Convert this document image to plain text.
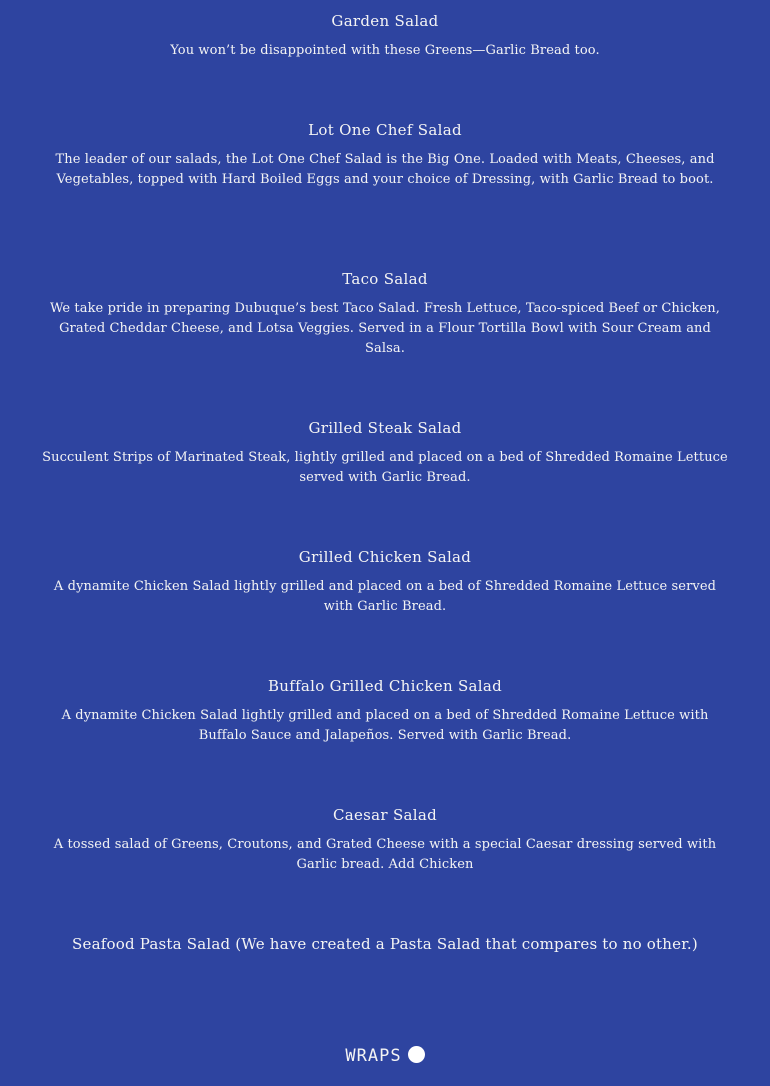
Garden Salad

You won’t be disappointed with these Greens—Garlic Bread too.

Lot One Chef Salad

The leader of our salads, the Lot One Chef Salad is the Big One. Loaded with Meats, Cheeses, and Vegetables, topped with Hard Boiled Eggs and your choice of Dressing, with Garlic Bread to boot.

Taco Salad

We take pride in preparing Dubuque’s best Taco Salad. Fresh Lettuce, Taco-spiced Beef or Chicken, Grated Cheddar Cheese, and Lotsa Veggies. Served in a Flour Tortilla Bowl with Sour Cream and Salsa.

Grilled Steak Salad

Succulent Strips of Marinated Steak, lightly grilled and placed on a bed of Shredded Romaine Lettuce served with Garlic Bread.

Grilled Chicken Salad

A dynamite Chicken Salad lightly grilled and placed on a bed of Shredded Romaine Lettuce served with Garlic Bread.

Buffalo Grilled Chicken Salad

A dynamite Chicken Salad lightly grilled and placed on a bed of Shredded Romaine Lettuce with Buffalo Sauce and Jalapeños. Served with Garlic Bread.

Caesar Salad

A tossed salad of Greens, Croutons, and Grated Cheese with a special Caesar dressing served with Garlic bread. Add Chicken

Seafood Pasta Salad (We have created a Pasta Salad that compares to no other.)
WRAPS
